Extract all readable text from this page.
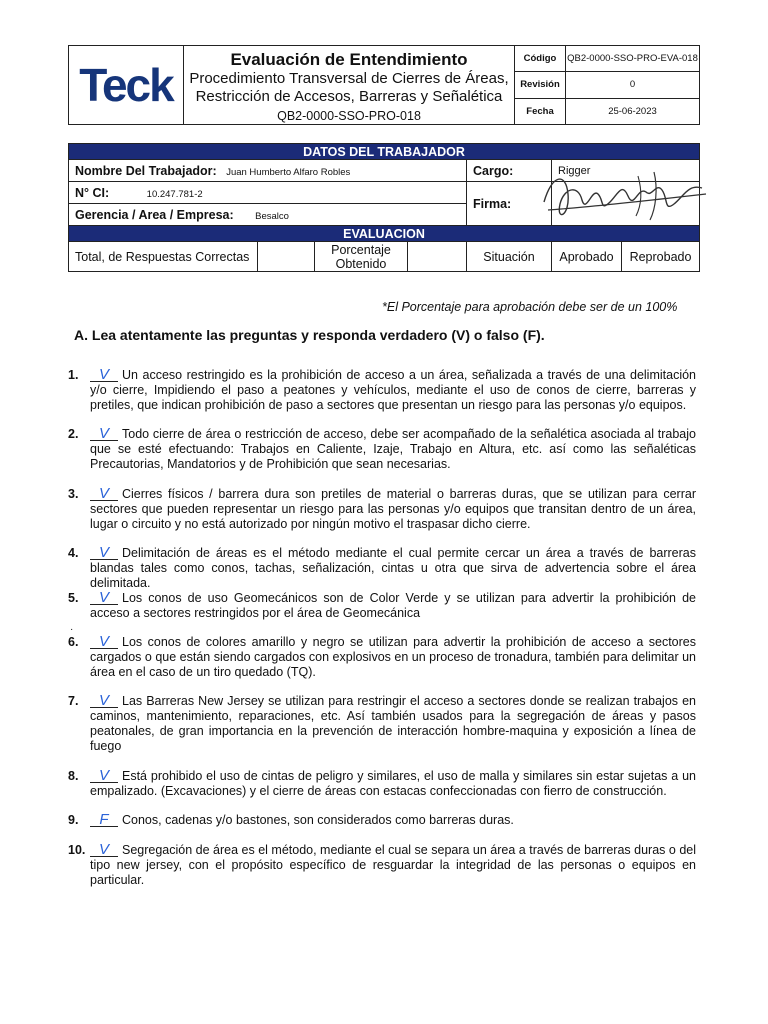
Teck	Evaluación de Entendimiento
Procedimiento Transversal de Cierres de Áreas,
Restricción de Accesos, Barreras y Señalética
QB2-0000-SSO-PRO-018	Código	QB2-0000-SSO-PRO-EVA-018
		Revisión	0
		Fecha	25-06-2023
DATOS DEL TRABAJADOR						
Nombre Del Trabajador: Juan Humberto Alfaro Robles				Cargo:	Rigger	
N° CI: 10.247.781-2				Firma:		
Gerencia / Area / Empresa: Besalco						
EVALUACION						
Total, de Respuestas Correctas		Porcentaje Obtenido		Situación	Aprobado	Reprobado
*El Porcentaje para aprobación debe ser de un 100%
A. Lea atentamente las preguntas y responda verdadero (V) o falso (F).
1.	V Un acceso restringido es la prohibición de acceso a un área, señalizada a través de una delimitación y/o cierre, Impidiendo el paso a peatones y vehículos, mediante el uso de conos de cierre, barreras y pretiles, que indican prohibición de paso a sectores que presentan un riesgo para las personas y/o equipos.
2.	V Todo cierre de área o restricción de acceso, debe ser acompañado de la señalética asociada al trabajo que se esté efectuando: Trabajos en Caliente, Izaje, Trabajo en Altura, etc. así como las señaléticas Precautorias, Mandatorios y de Prohibición que sean necesarias.
3.	V Cierres físicos / barrera dura son pretiles de material o barreras duras, que se utilizan para cerrar sectores que pueden representar un riesgo para las personas y/o equipos que transitan dentro de un área, lugar o circuito y no está autorizado por ningún motivo el traspasar dicho cierre.
4.	V Delimitación de áreas es el método mediante el cual permite cercar un área a través de barreras blandas tales como conos, tachas, señalización, cintas u otra que sirva de advertencia sobre el área delimitada.
5.	V Los conos de uso Geomecánicos son de Color Verde y se utilizan para advertir la prohibición de acceso a sectores restringidos por el área de Geomecánica
·
6.	V Los conos de colores amarillo y negro se utilizan para advertir la prohibición de acceso a sectores cargados o que están siendo cargados con explosivos en un proceso de tronadura, también para delimitar un área en el caso de un tiro quedado (TQ).
7.	V Las Barreras New Jersey se utilizan para restringir el acceso a sectores donde se realizan trabajos en caminos, mantenimiento, reparaciones, etc. Así también usados para la segregación de áreas y pasos peatonales, de gran importancia en la prevención de interacción hombre-maquina y exposición a línea de fuego
8.	V Está prohibido el uso de cintas de peligro y similares, el uso de malla y similares sin estar sujetas a un empalizado. (Excavaciones) y el cierre de áreas con estacas confeccionadas con fierro de construcción.
9.	F Conos, cadenas y/o bastones, son considerados como barreras duras.
10. V Segregación de área es el método, mediante el cual se separa un área a través de barreras duras o del tipo new jersey, con el propósito específico de resguardar la integridad de las personas o equipos en particular.
